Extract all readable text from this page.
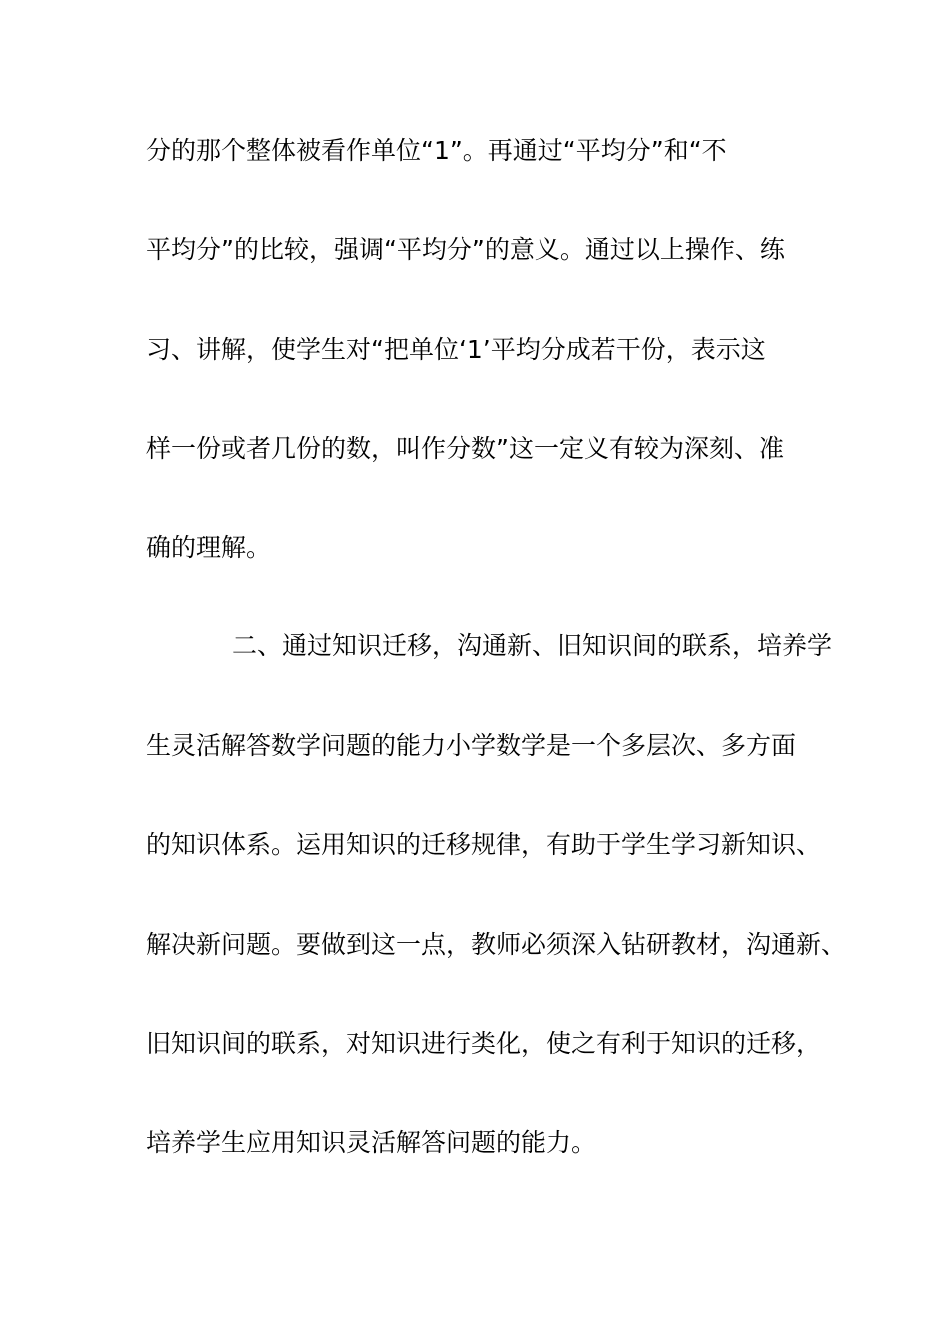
分的那个整体被看作单位“1”。再通过“平均分”和“不
平均分”的比较，强调“平均分”的意义。通过以上操作、练
习、讲解，使学生对“把单位‘1’平均分成若干份，表示这
样一份或者几份的数，叫作分数”这一定义有较为深刻、准
确的理解。
二、通过知识迁移，沟通新、旧知识间的联系，培养学
生灵活解答数学问题的能力小学数学是一个多层次、多方面
的知识体系。运用知识的迁移规律，有助于学生学习新知识、
解决新问题。要做到这一点，教师必须深入钻研教材，沟通新、
旧知识间的联系，对知识进行类化，使之有利于知识的迁移，
培养学生应用知识灵活解答问题的能力。
